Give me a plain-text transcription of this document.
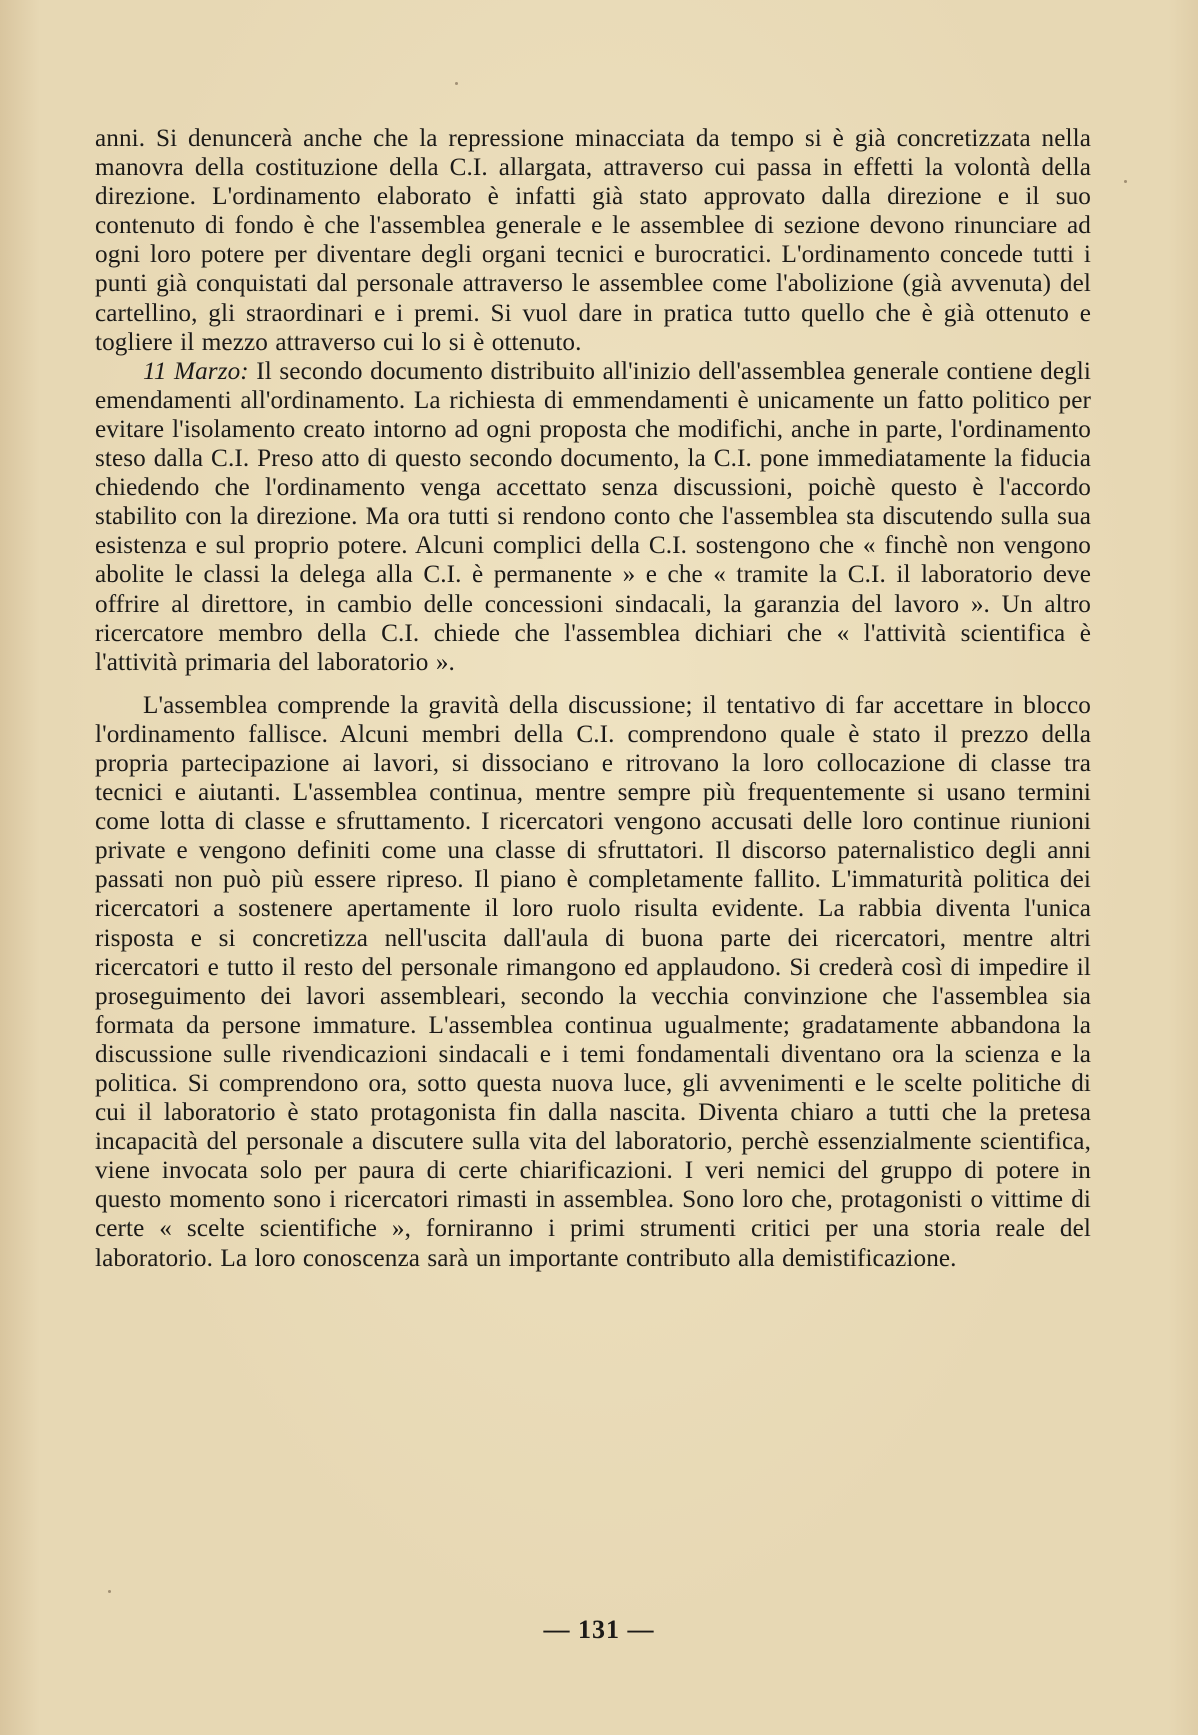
anni. Si denuncerà anche che la repressione minacciata da tempo si è già concretizzata nella manovra della costituzione della C.I. allargata, attraverso cui passa in effetti la volontà della direzione. L'ordinamento elaborato è infatti già stato approvato dalla direzione e il suo contenuto di fondo è che l'assemblea generale e le assemblee di sezione devono rinunciare ad ogni loro potere per diventare degli organi tecnici e burocratici. L'ordinamento concede tutti i punti già conquistati dal personale attraverso le assemblee come l'abolizione (già avvenuta) del cartellino, gli straordinari e i premi. Si vuol dare in pratica tutto quello che è già ottenuto e togliere il mezzo attraverso cui lo si è ottenuto.

11 Marzo: Il secondo documento distribuito all'inizio dell'assemblea generale contiene degli emendamenti all'ordinamento. La richiesta di emmendamenti è unicamente un fatto politico per evitare l'isolamento creato intorno ad ogni proposta che modifichi, anche in parte, l'ordinamento steso dalla C.I. Preso atto di questo secondo documento, la C.I. pone immediatamente la fiducia chiedendo che l'ordinamento venga accettato senza discussioni, poichè questo è l'accordo stabilito con la direzione. Ma ora tutti si rendono conto che l'assemblea sta discutendo sulla sua esistenza e sul proprio potere. Alcuni complici della C.I. sostengono che « finchè non vengono abolite le classi la delega alla C.I. è permanente » e che « tramite la C.I. il laboratorio deve offrire al direttore, in cambio delle concessioni sindacali, la garanzia del lavoro ». Un altro ricercatore membro della C.I. chiede che l'assemblea dichiari che « l'attività scientifica è l'attività primaria del laboratorio ».

L'assemblea comprende la gravità della discussione; il tentativo di far accettare in blocco l'ordinamento fallisce. Alcuni membri della C.I. comprendono quale è stato il prezzo della propria partecipazione ai lavori, si dissociano e ritrovano la loro collocazione di classe tra tecnici e aiutanti. L'assemblea continua, mentre sempre più frequentemente si usano termini come lotta di classe e sfruttamento. I ricercatori vengono accusati delle loro continue riunioni private e vengono definiti come una classe di sfruttatori. Il discorso paternalistico degli anni passati non può più essere ripreso. Il piano è completamente fallito. L'immaturità politica dei ricercatori a sostenere apertamente il loro ruolo risulta evidente. La rabbia diventa l'unica risposta e si concretizza nell'uscita dall'aula di buona parte dei ricercatori, mentre altri ricercatori e tutto il resto del personale rimangono ed applaudono. Si crederà così di impedire il proseguimento dei lavori assembleari, secondo la vecchia convinzione che l'assemblea sia formata da persone immature. L'assemblea continua ugualmente; gradatamente abbandona la discussione sulle rivendicazioni sindacali e i temi fondamentali diventano ora la scienza e la politica. Si comprendono ora, sotto questa nuova luce, gli avvenimenti e le scelte politiche di cui il laboratorio è stato protagonista fin dalla nascita. Diventa chiaro a tutti che la pretesa incapacità del personale a discutere sulla vita del laboratorio, perchè essenzialmente scientifica, viene invocata solo per paura di certe chiarificazioni. I veri nemici del gruppo di potere in questo momento sono i ricercatori rimasti in assemblea. Sono loro che, protagonisti o vittime di certe « scelte scientifiche », forniranno i primi strumenti critici per una storia reale del laboratorio. La loro conoscenza sarà un importante contributo alla demistificazione.

— 131 —
